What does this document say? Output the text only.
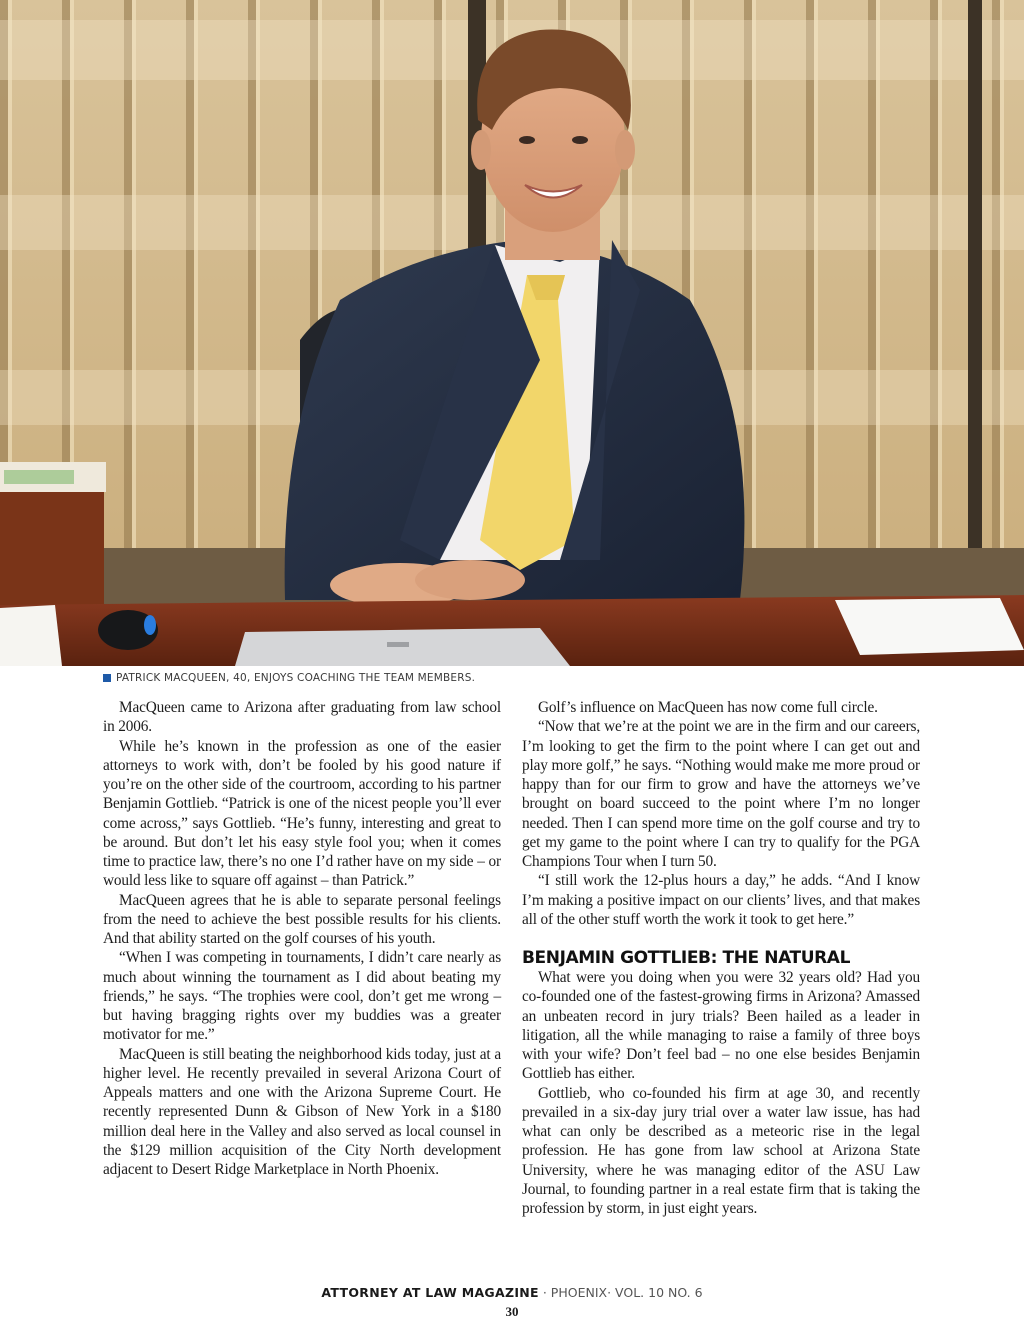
PATRICK MACQUEEN, 40, ENJOYS COACHING THE TEAM MEMBERS.

MacQueen came to Arizona after graduating from law school in 2006.

While he’s known in the profession as one of the easier attorneys to work with, don’t be fooled by his good nature if you’re on the other side of the courtroom, according to his partner Benjamin Gottlieb. “Patrick is one of the nicest people you’ll ever come across,” says Gottlieb. “He’s funny, interesting and great to be around. But don’t let his easy style fool you; when it comes time to practice law, there’s no one I’d rather have on my side – or would less like to square off against – than Patrick.”

MacQueen agrees that he is able to separate personal feelings from the need to achieve the best possible results for his clients. And that ability started on the golf courses of his youth.

“When I was competing in tournaments, I didn’t care nearly as much about winning the tournament as I did about beating my friends,” he says. “The trophies were cool, don’t get me wrong – but having bragging rights over my buddies was a greater motivator for me.”

MacQueen is still beating the neighborhood kids today, just at a higher level. He recently prevailed in several Arizona Court of Appeals matters and one with the Arizona Supreme Court. He recently represented Dunn & Gibson of New York in a $180 million deal here in the Valley and also served as local counsel in the $129 million acquisition of the City North development adjacent to Desert Ridge Marketplace in North Phoenix.

Golf’s influence on MacQueen has now come full circle.

“Now that we’re at the point we are in the firm and our careers, I’m looking to get the firm to the point where I can get out and play more golf,” he says. “Nothing would make me more proud or happy than for our firm to grow and have the attorneys we’ve brought on board succeed to the point where I’m no longer needed. Then I can spend more time on the golf course and try to get my game to the point where I can try to qualify for the PGA Champions Tour when I turn 50.

“I still work the 12-plus hours a day,” he adds. “And I know I’m making a positive impact on our clients’ lives, and that makes all of the other stuff worth the work it took to get here.”

BENJAMIN GOTTLIEB: THE NATURAL

What were you doing when you were 32 years old? Had you co-founded one of the fastest-growing firms in Arizona? Amassed an unbeaten record in jury trials? Been hailed as a leader in litigation, all the while managing to raise a family of three boys with your wife? Don’t feel bad – no one else besides Benjamin Gottlieb has either.

Gottlieb, who co-founded his firm at age 30, and recently prevailed in a six-day jury trial over a water law issue, has had what can only be described as a meteoric rise in the legal profession. He has gone from law school at Arizona State University, where he was managing editor of the ASU Law Journal, to founding partner in a real estate firm that is taking the profession by storm, in just eight years.

ATTORNEY AT LAW MAGAZINE · PHOENIX· VOL. 10 NO. 6
30
